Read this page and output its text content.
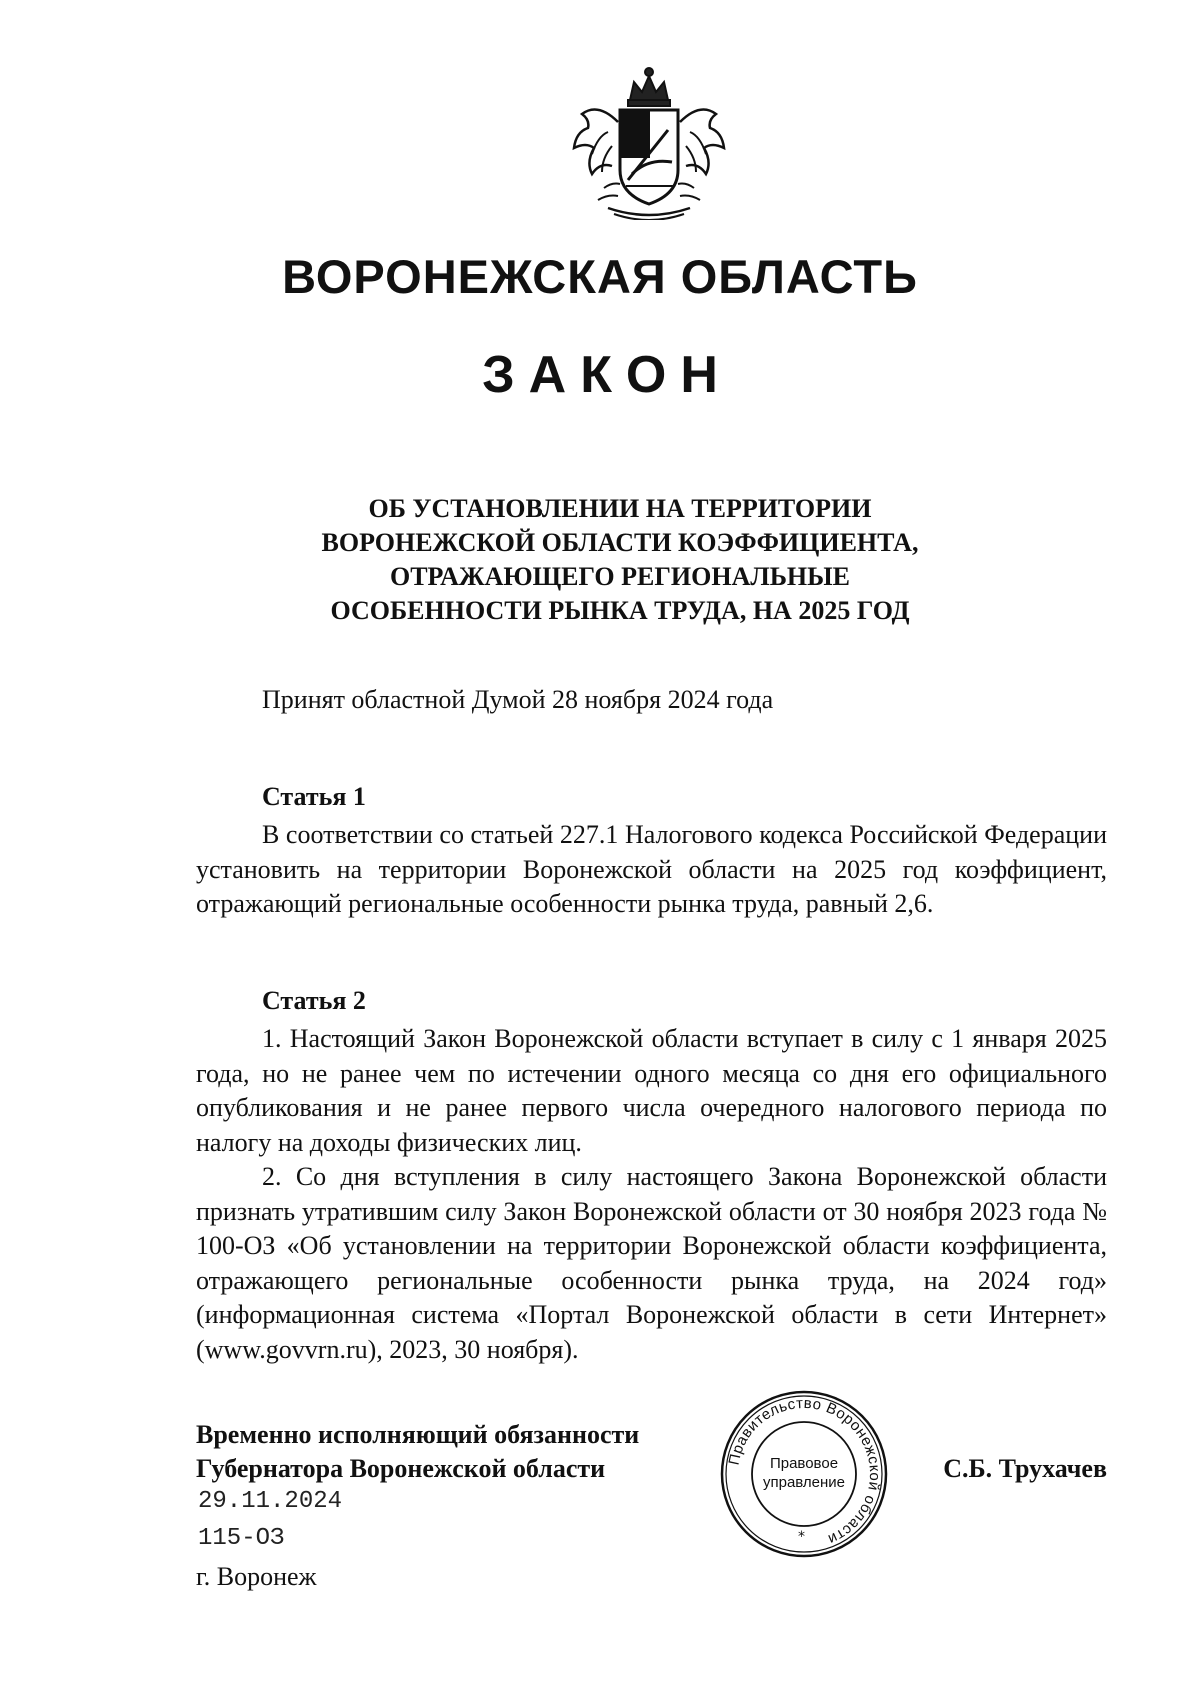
ВОРОНЕЖСКАЯ ОБЛАСТЬ
ЗАКОН
ОБ УСТАНОВЛЕНИИ НА ТЕРРИТОРИИ
ВОРОНЕЖСКОЙ ОБЛАСТИ КОЭФФИЦИЕНТА,
ОТРАЖАЮЩЕГО РЕГИОНАЛЬНЫЕ
ОСОБЕННОСТИ РЫНКА ТРУДА, НА 2025 ГОД

Принят областной Думой 28 ноября 2024 года

Статья 1

В соответствии со статьей 227.1 Налогового кодекса Российской Федерации установить на территории Воронежской области на 2025 год коэффициент, отражающий региональные особенности рынка труда, равный 2,6.

Статья 2

1. Настоящий Закон Воронежской области вступает в силу с 1 января 2025 года, но не ранее чем по истечении одного месяца со дня его официального опубликования и не ранее первого числа очередного налогового периода по налогу на доходы физических лиц.

2. Со дня вступления в силу настоящего Закона Воронежской области признать утратившим силу Закон Воронежской области от 30 ноября 2023 года № 100-ОЗ «Об установлении на территории Воронежской области коэффициента, отражающего региональные особенности рынка труда, на 2024 год» (информационная система «Портал Воронежской области в сети Интернет» (www.govvrn.ru), 2023, 30 ноября).

Временно исполняющий обязанности
Губернатора Воронежской области	С.Б. Трухачев

29.11.2024

115-ОЗ

г. Воронеж

Правительство Воронежской области
Правовое
управление
*
